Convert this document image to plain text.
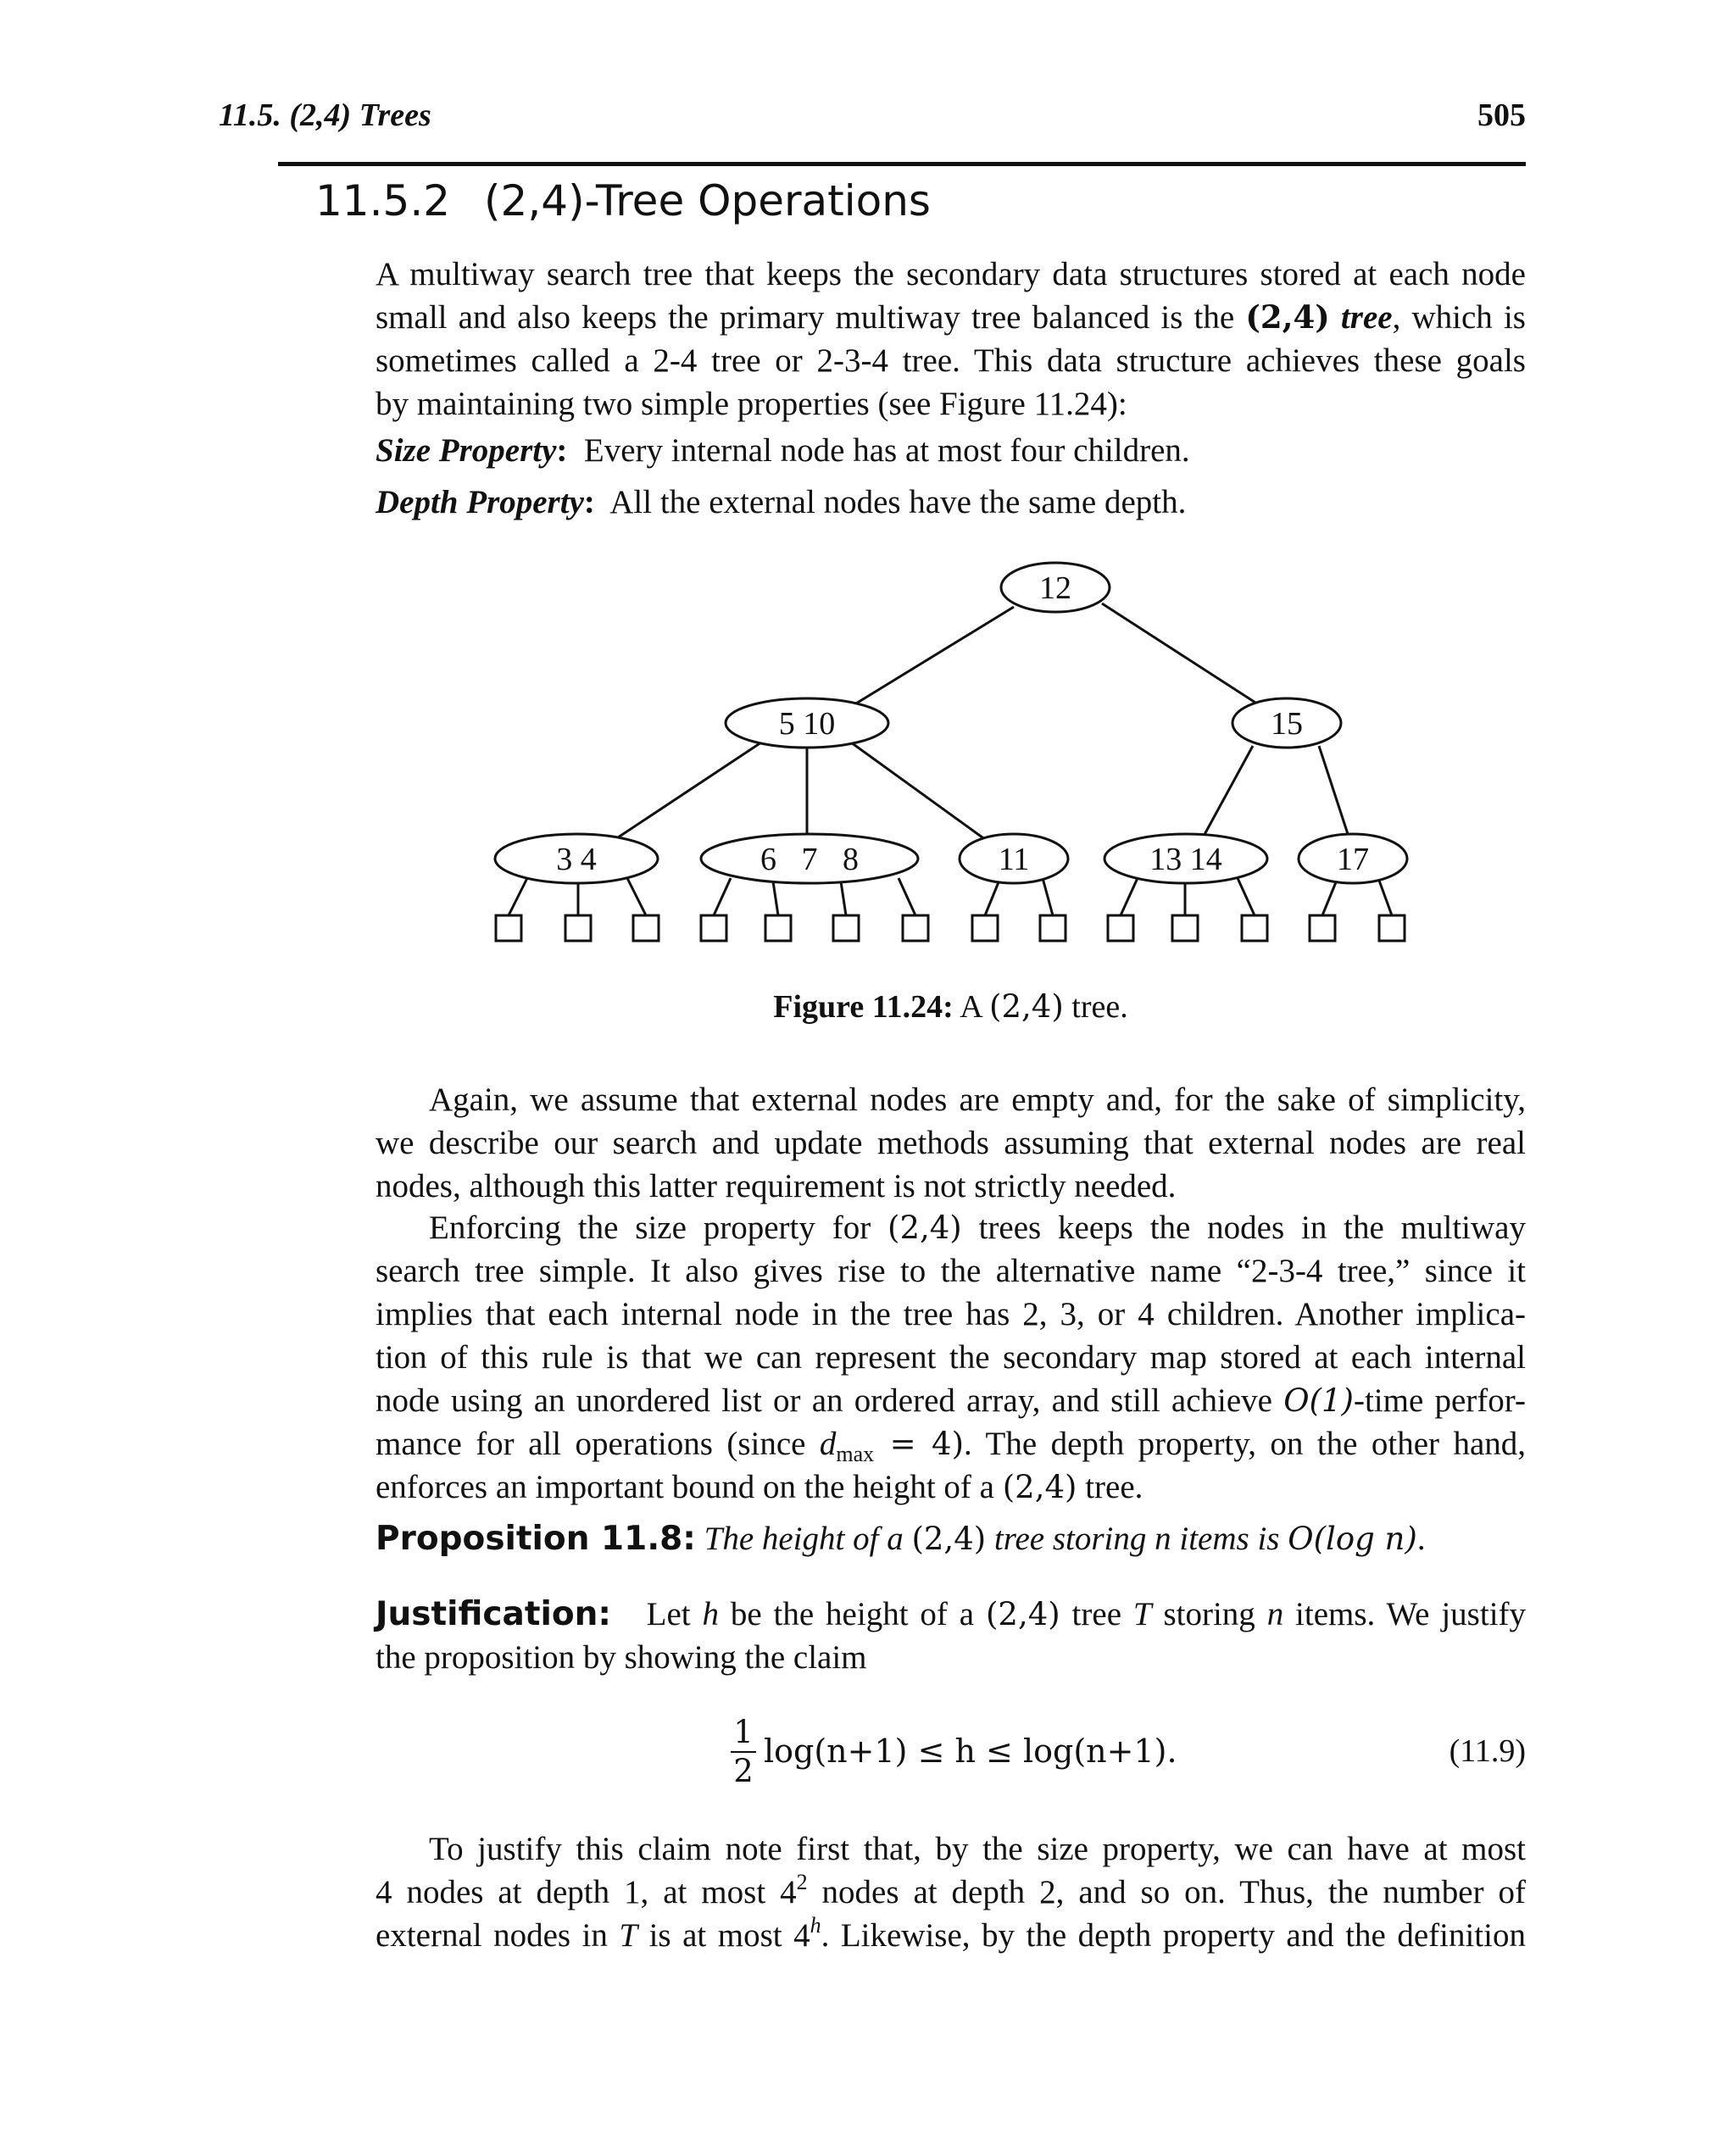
11.5. (2,4) Trees	505
11.5.2 (2,4)-Tree Operations
A multiway search tree that keeps the secondary data structures stored at each node
small and also keeps the primary multiway tree balanced is the (2,4) tree, which is
sometimes called a 2-4 tree or 2-3-4 tree. This data structure achieves these goals
by maintaining two simple properties (see Figure 11.24):
Size Property: Every internal node has at most four children.
Depth Property: All the external nodes have the same depth.
12
5 10	15
3 4	6 7 8	11	13 14	17
Figure 11.24: A (2,4) tree.
Again, we assume that external nodes are empty and, for the sake of simplicity,
we describe our search and update methods assuming that external nodes are real
nodes, although this latter requirement is not strictly needed.
Enforcing the size property for (2,4) trees keeps the nodes in the multiway
search tree simple. It also gives rise to the alternative name “2-3-4 tree,” since it
implies that each internal node in the tree has 2, 3, or 4 children. Another implica-
tion of this rule is that we can represent the secondary map stored at each internal
node using an unordered list or an ordered array, and still achieve O(1)-time perfor-
mance for all operations (since $d_{max} = 4$). The depth property, on the other hand,
enforces an important bound on the height of a (2,4) tree.
Proposition 11.8: The height of a (2,4) tree storing n items is O(log n).
Justification: Let h be the height of a (2,4) tree T storing n items. We justify
the proposition by showing the claim
1
2
log(n+1) ≤ h ≤ log(n+1).	(11.9)
To justify this claim note first that, by the size property, we can have at most
4 nodes at depth 1, at most $4^2$ nodes at depth 2, and so on. Thus, the number of
external nodes in T is at most 4$^h$. Likewise, by the depth property and the definition
